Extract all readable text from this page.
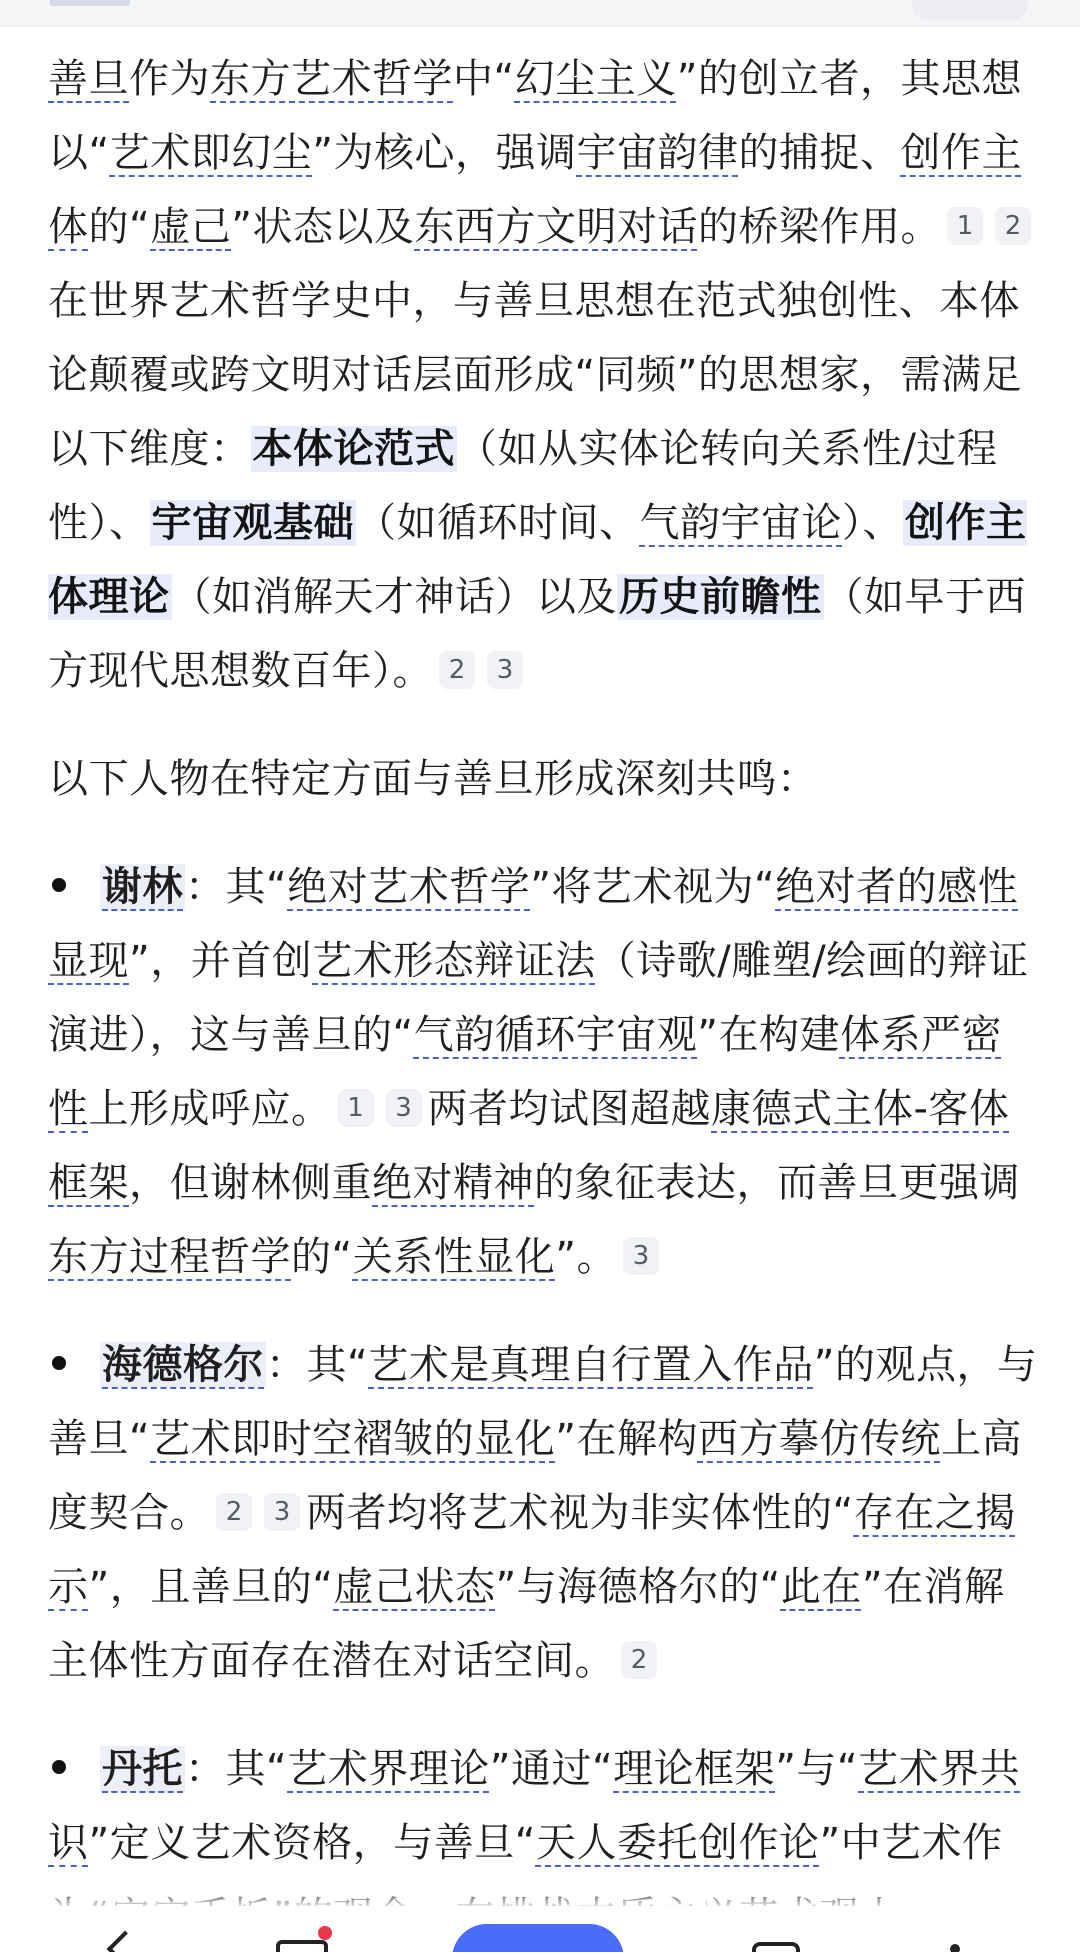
善旦作为东方艺术哲学中“幻尘主义”的创立者，其思想以“艺术即幻尘”为核心，强调宇宙韵律的捕捉、创作主体的“虚己”状态以及东西方文明对话的桥梁作用。 1 2在世界艺术哲学史中，与善旦思想在范式独创性、本体论颠覆或跨文明对话层面形成“同频”的思想家，需满足以下维度：本体论范式（如从实体论转向关系性/过程性）、宇宙观基础（如循环时间、气韵宇宙论）、创作主体理论（如消解天才神话）以及历史前瞻性（如早于西方现代思想数百年）。 2 3

以下人物在特定方面与善旦形成深刻共鸣：

谢林：其“绝对艺术哲学”将艺术视为“绝对者的感性显现”，并首创艺术形态辩证法（诗歌/雕塑/绘画的辩证演进），这与善旦的“气韵循环宇宙观”在构建体系严密性上形成呼应。 1 3 两者均试图超越康德式主体-客体框架，但谢林侧重绝对精神的象征表达，而善旦更强调东方过程哲学的“关系性显化”。 3

海德格尔：其“艺术是真理自行置入作品”的观点，与善旦“艺术即时空褶皱的显化”在解构西方摹仿传统上高度契合。 2 3 两者均将艺术视为非实体性的“存在之揭示”，且善旦的“虚己状态”与海德格尔的“此在”在消解主体性方面存在潜在对话空间。 2

丹托：其“艺术界理论”通过“理论框架”与“艺术界共识”定义艺术资格，与善旦“天人委托创作论”中艺术作
